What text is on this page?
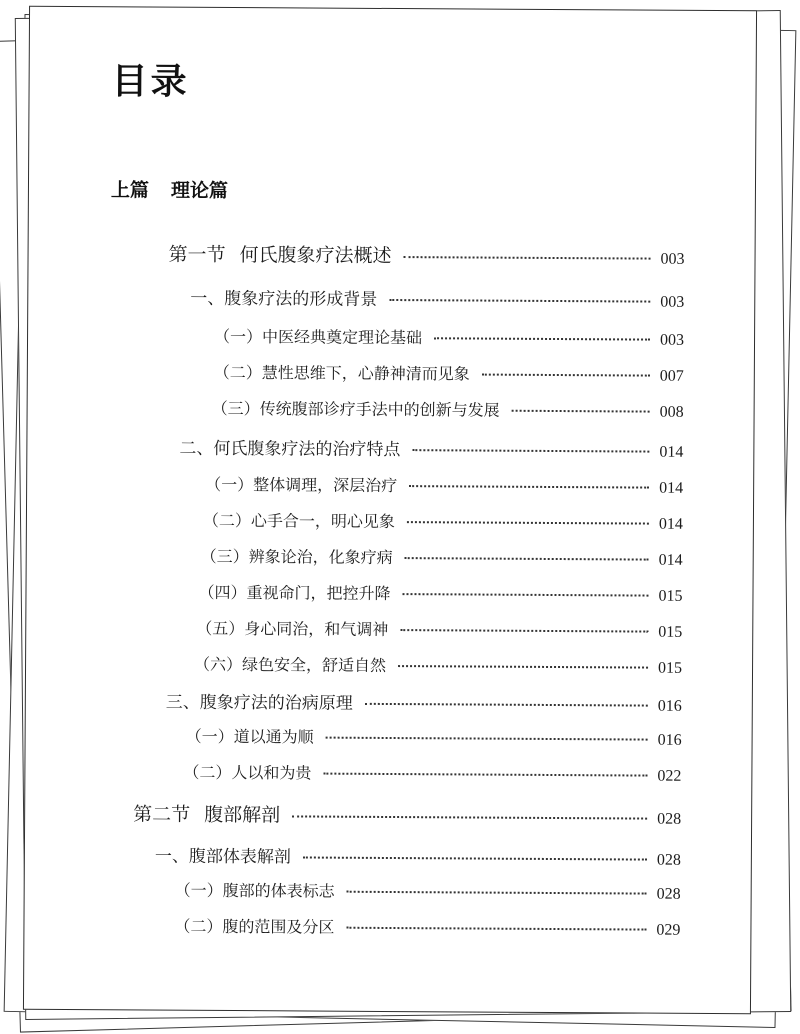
目录
上篇 理论篇
第一节 何氏腹象疗法概述	003
一、腹象疗法的形成背景	003
（一）中医经典奠定理论基础	003
（二）慧性思维下，心静神清而见象	007
（三）传统腹部诊疗手法中的创新与发展	008
二、何氏腹象疗法的治疗特点	014
（一）整体调理，深层治疗	014
（二）心手合一，明心见象	014
（三）辨象论治，化象疗病	014
（四）重视命门，把控升降	015
（五）身心同治，和气调神	015
（六）绿色安全，舒适自然	015
三、腹象疗法的治病原理	016
（一）道以通为顺	016
（二）人以和为贵	022
第二节 腹部解剖	028
一、腹部体表解剖	028
（一）腹部的体表标志	028
（二）腹的范围及分区	029
